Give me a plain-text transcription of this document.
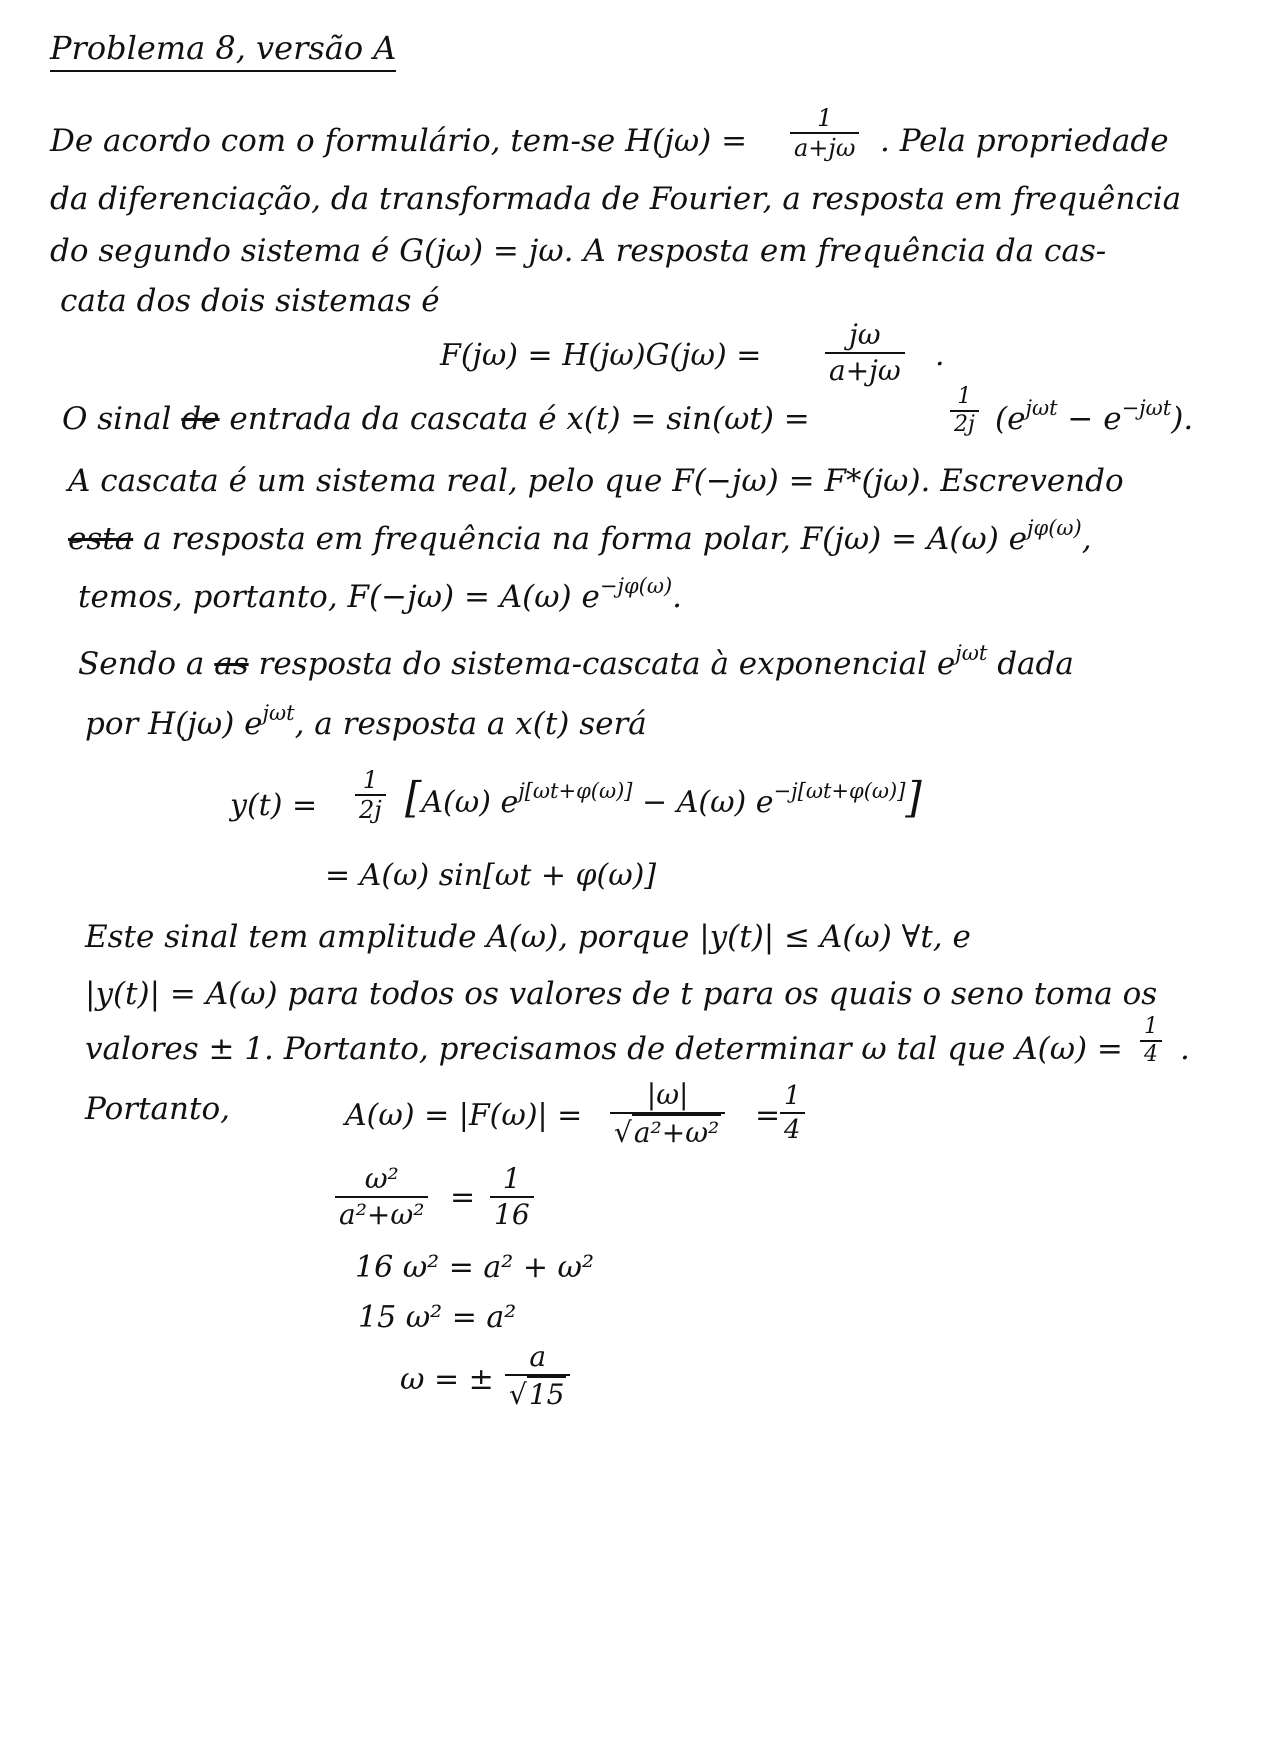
Problema 8, versão A
De acordo com o formulário, tem-se $H(j\omega) = \frac{1}{a+j\omega}$ . Pela propriedade
da diferenciação, da transformada de Fourier, a resposta em frequência
do segundo sistema é G(jω) = jω. A resposta em frequência da cas-
cata dos dois sistemas é
$F(j\omega) = H(j\omega)G(j\omega) = \frac{j\omega}{a+j\omega}$ .
O sinal de entrada da cascata é x(t) = sin(ωt) =	$\frac{1}{2j} (e^{j\omega t} - e^{-j\omega t})$.
A cascata é um sistema real, pelo que F(−jω) = F*(jω). Escrevendo
esta a resposta em frequência na forma polar, F(jω) = A(ω) $e^{j\varphi(\omega)}$,
temos, portanto, F(−jω) = A(ω) $e^{-j\varphi(\omega)}$.
Sendo a as resposta do sistema-cascata à exponencial $e^{j\omega t}$ dada
por H(jω) $e^{j\omega t}$, a resposta a x(t) será
$y(t) = \frac{1}{2j} [A(\omega) e^{j[\omega t+\varphi(\omega)]} - A(\omega)$ $e^{-j[\omega t+\varphi(\omega)]}$]
= A(ω) sin[ωt + φ(ω)]
Este sinal tem amplitude A(ω), porque |y(t)| ≤ A(ω) ∀t, e
|y(t)| = A(ω) para todos os valores de t para os quais o seno toma os
valores ± 1. Portanto, precisamos de determinar ω tal que $A(\omega) = \frac{1}{4}$ .
Portanto,	$A(\omega) = |F(\omega)| = \frac{|\omega|}{\text{√a²+ω²}} = \frac{1}{4}$
$\frac{\text{ω²}}{\text{a²+ω²}} = \frac{1}{16}$
16 ω² = a² + ω²
15 ω² = a²
ω = ± $\frac{a}{√15}$
